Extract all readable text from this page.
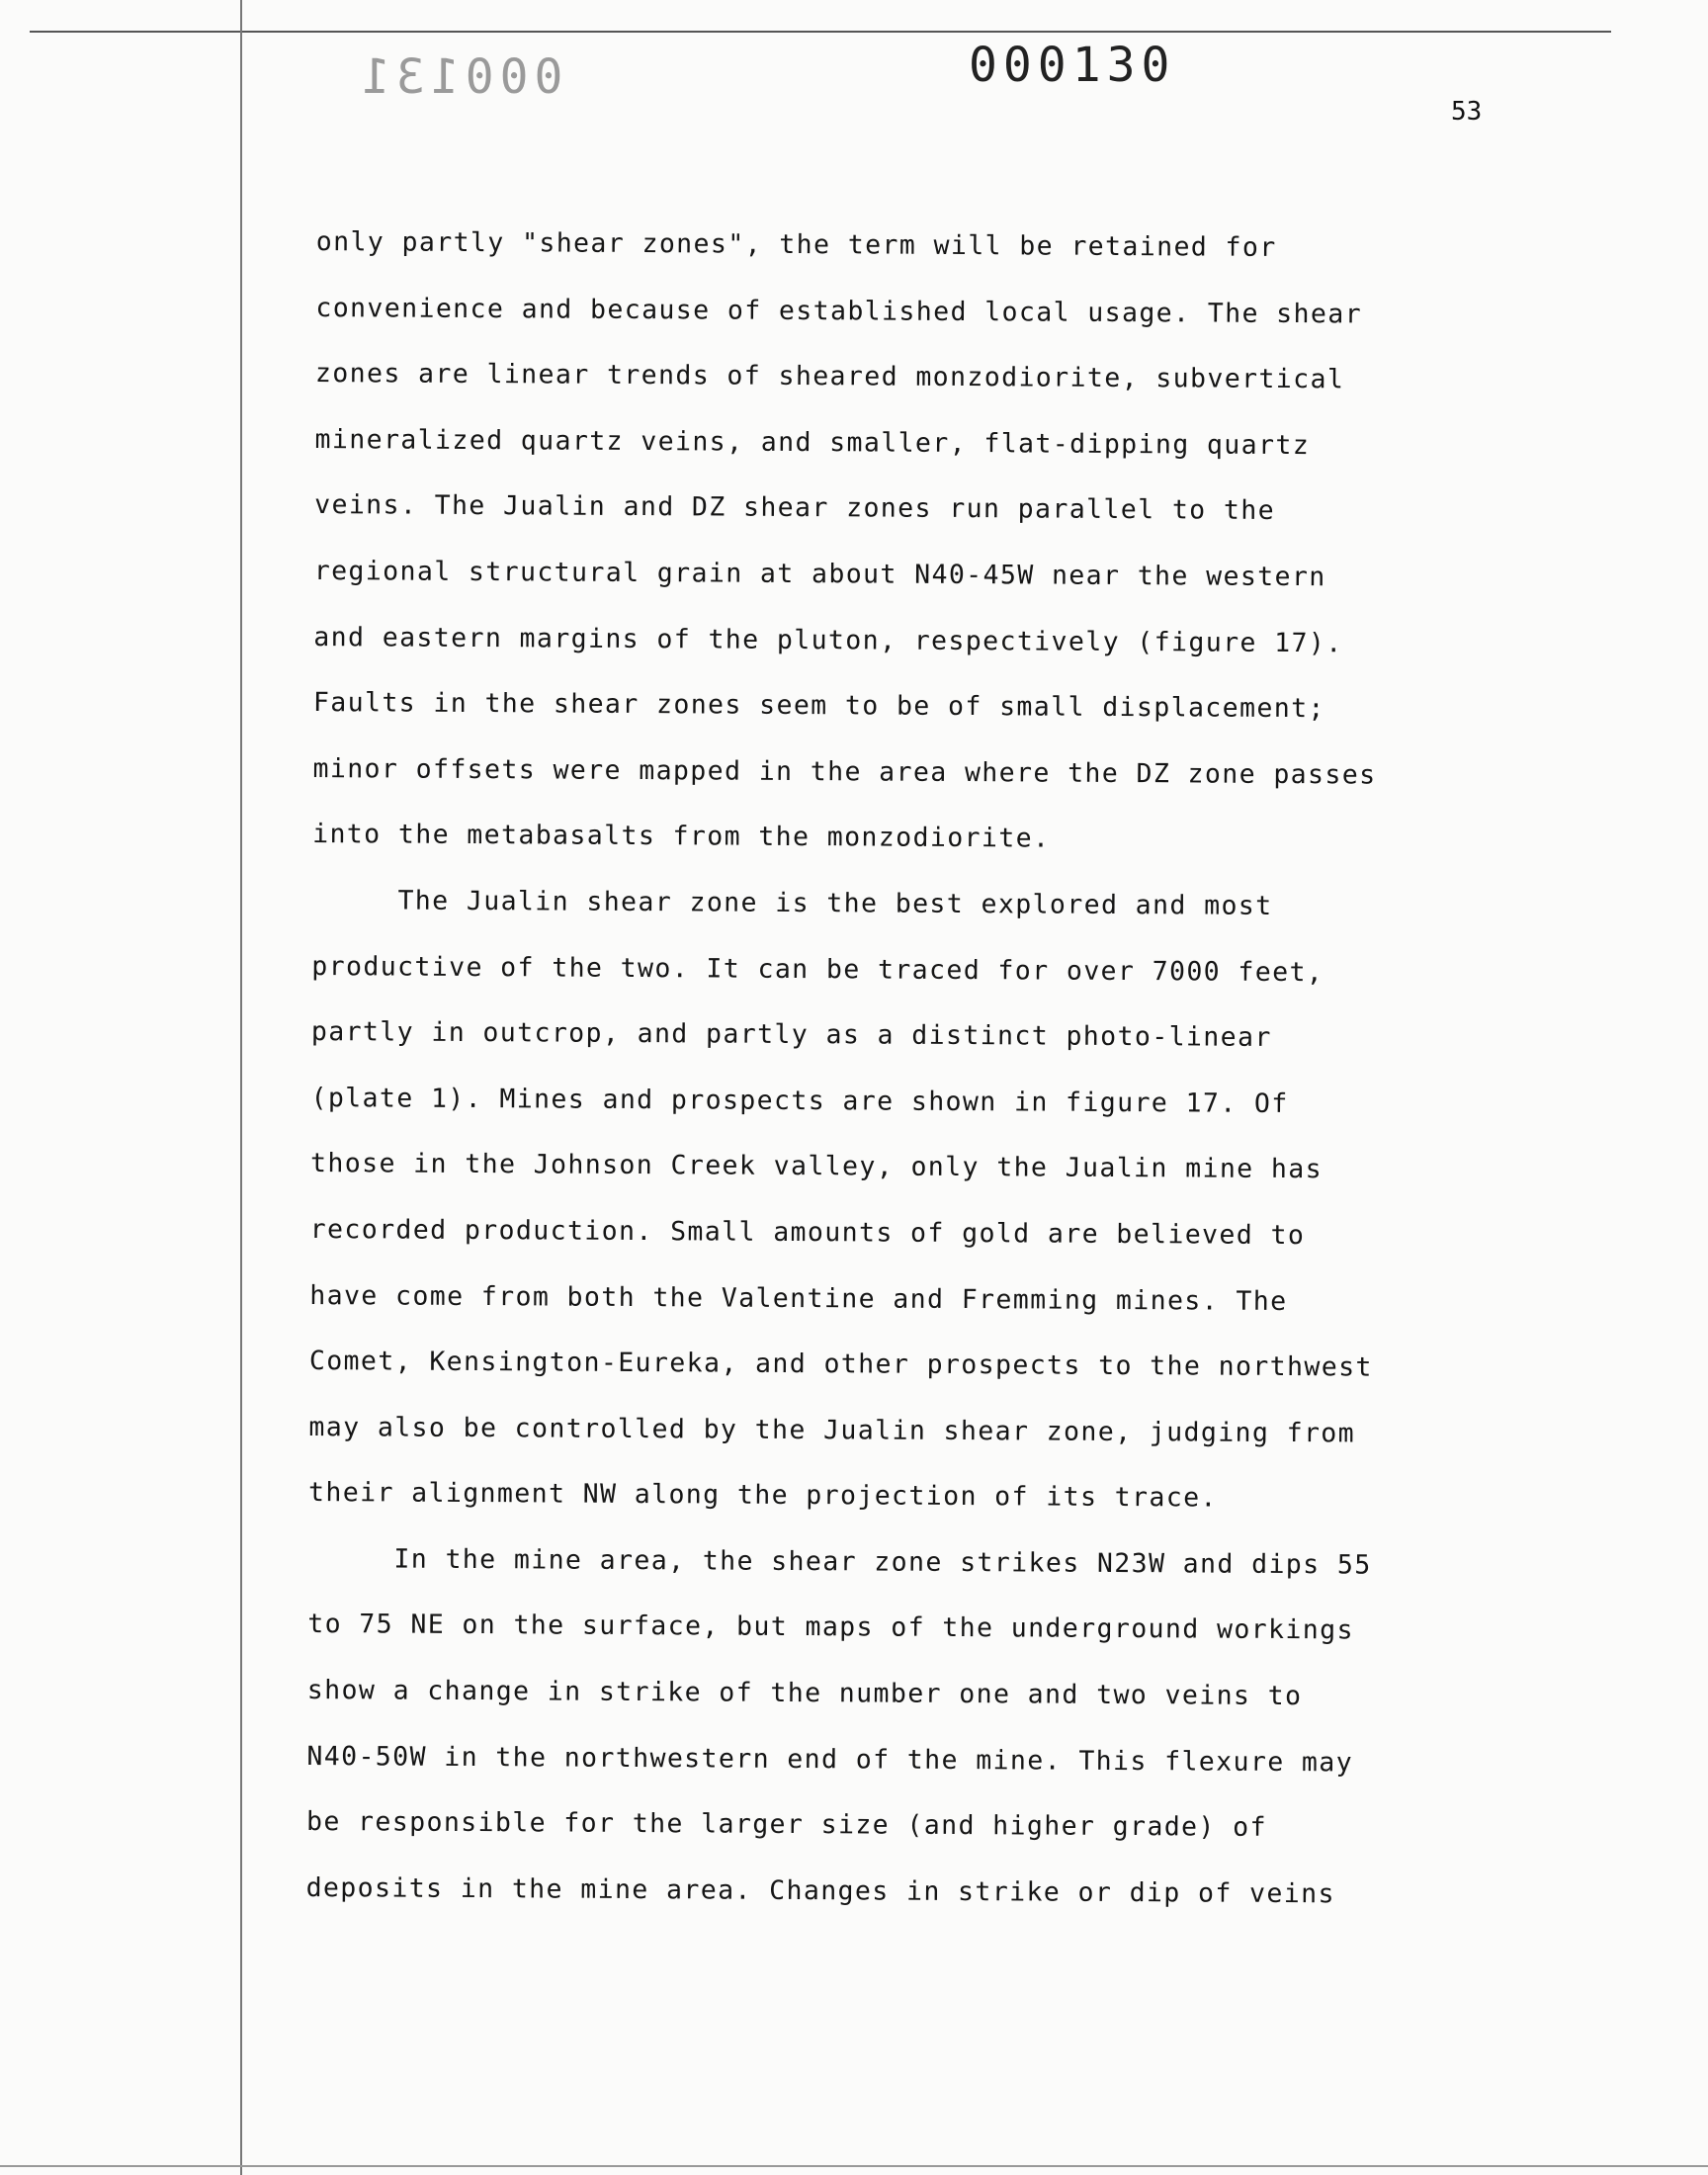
000131	000130
53
only partly "shear zones", the term will be retained for
convenience and because of established local usage. The shear
zones are linear trends of sheared monzodiorite, subvertical
mineralized quartz veins, and smaller, flat-dipping quartz
veins. The Jualin and DZ shear zones run parallel to the
regional structural grain at about N40-45W near the western
and eastern margins of the pluton, respectively (figure 17).
Faults in the shear zones seem to be of small displacement;
minor offsets were mapped in the area where the DZ zone passes
into the metabasalts from the monzodiorite.
The Jualin shear zone is the best explored and most
productive of the two. It can be traced for over 7000 feet,
partly in outcrop, and partly as a distinct photo-linear
(plate 1). Mines and prospects are shown in figure 17. Of
those in the Johnson Creek valley, only the Jualin mine has
recorded production. Small amounts of gold are believed to
have come from both the Valentine and Fremming mines. The
Comet, Kensington-Eureka, and other prospects to the northwest
may also be controlled by the Jualin shear zone, judging from
their alignment NW along the projection of its trace.
In the mine area, the shear zone strikes N23W and dips 55
to 75 NE on the surface, but maps of the underground workings
show a change in strike of the number one and two veins to
N40-50W in the northwestern end of the mine. This flexure may
be responsible for the larger size (and higher grade) of
deposits in the mine area. Changes in strike or dip of veins
